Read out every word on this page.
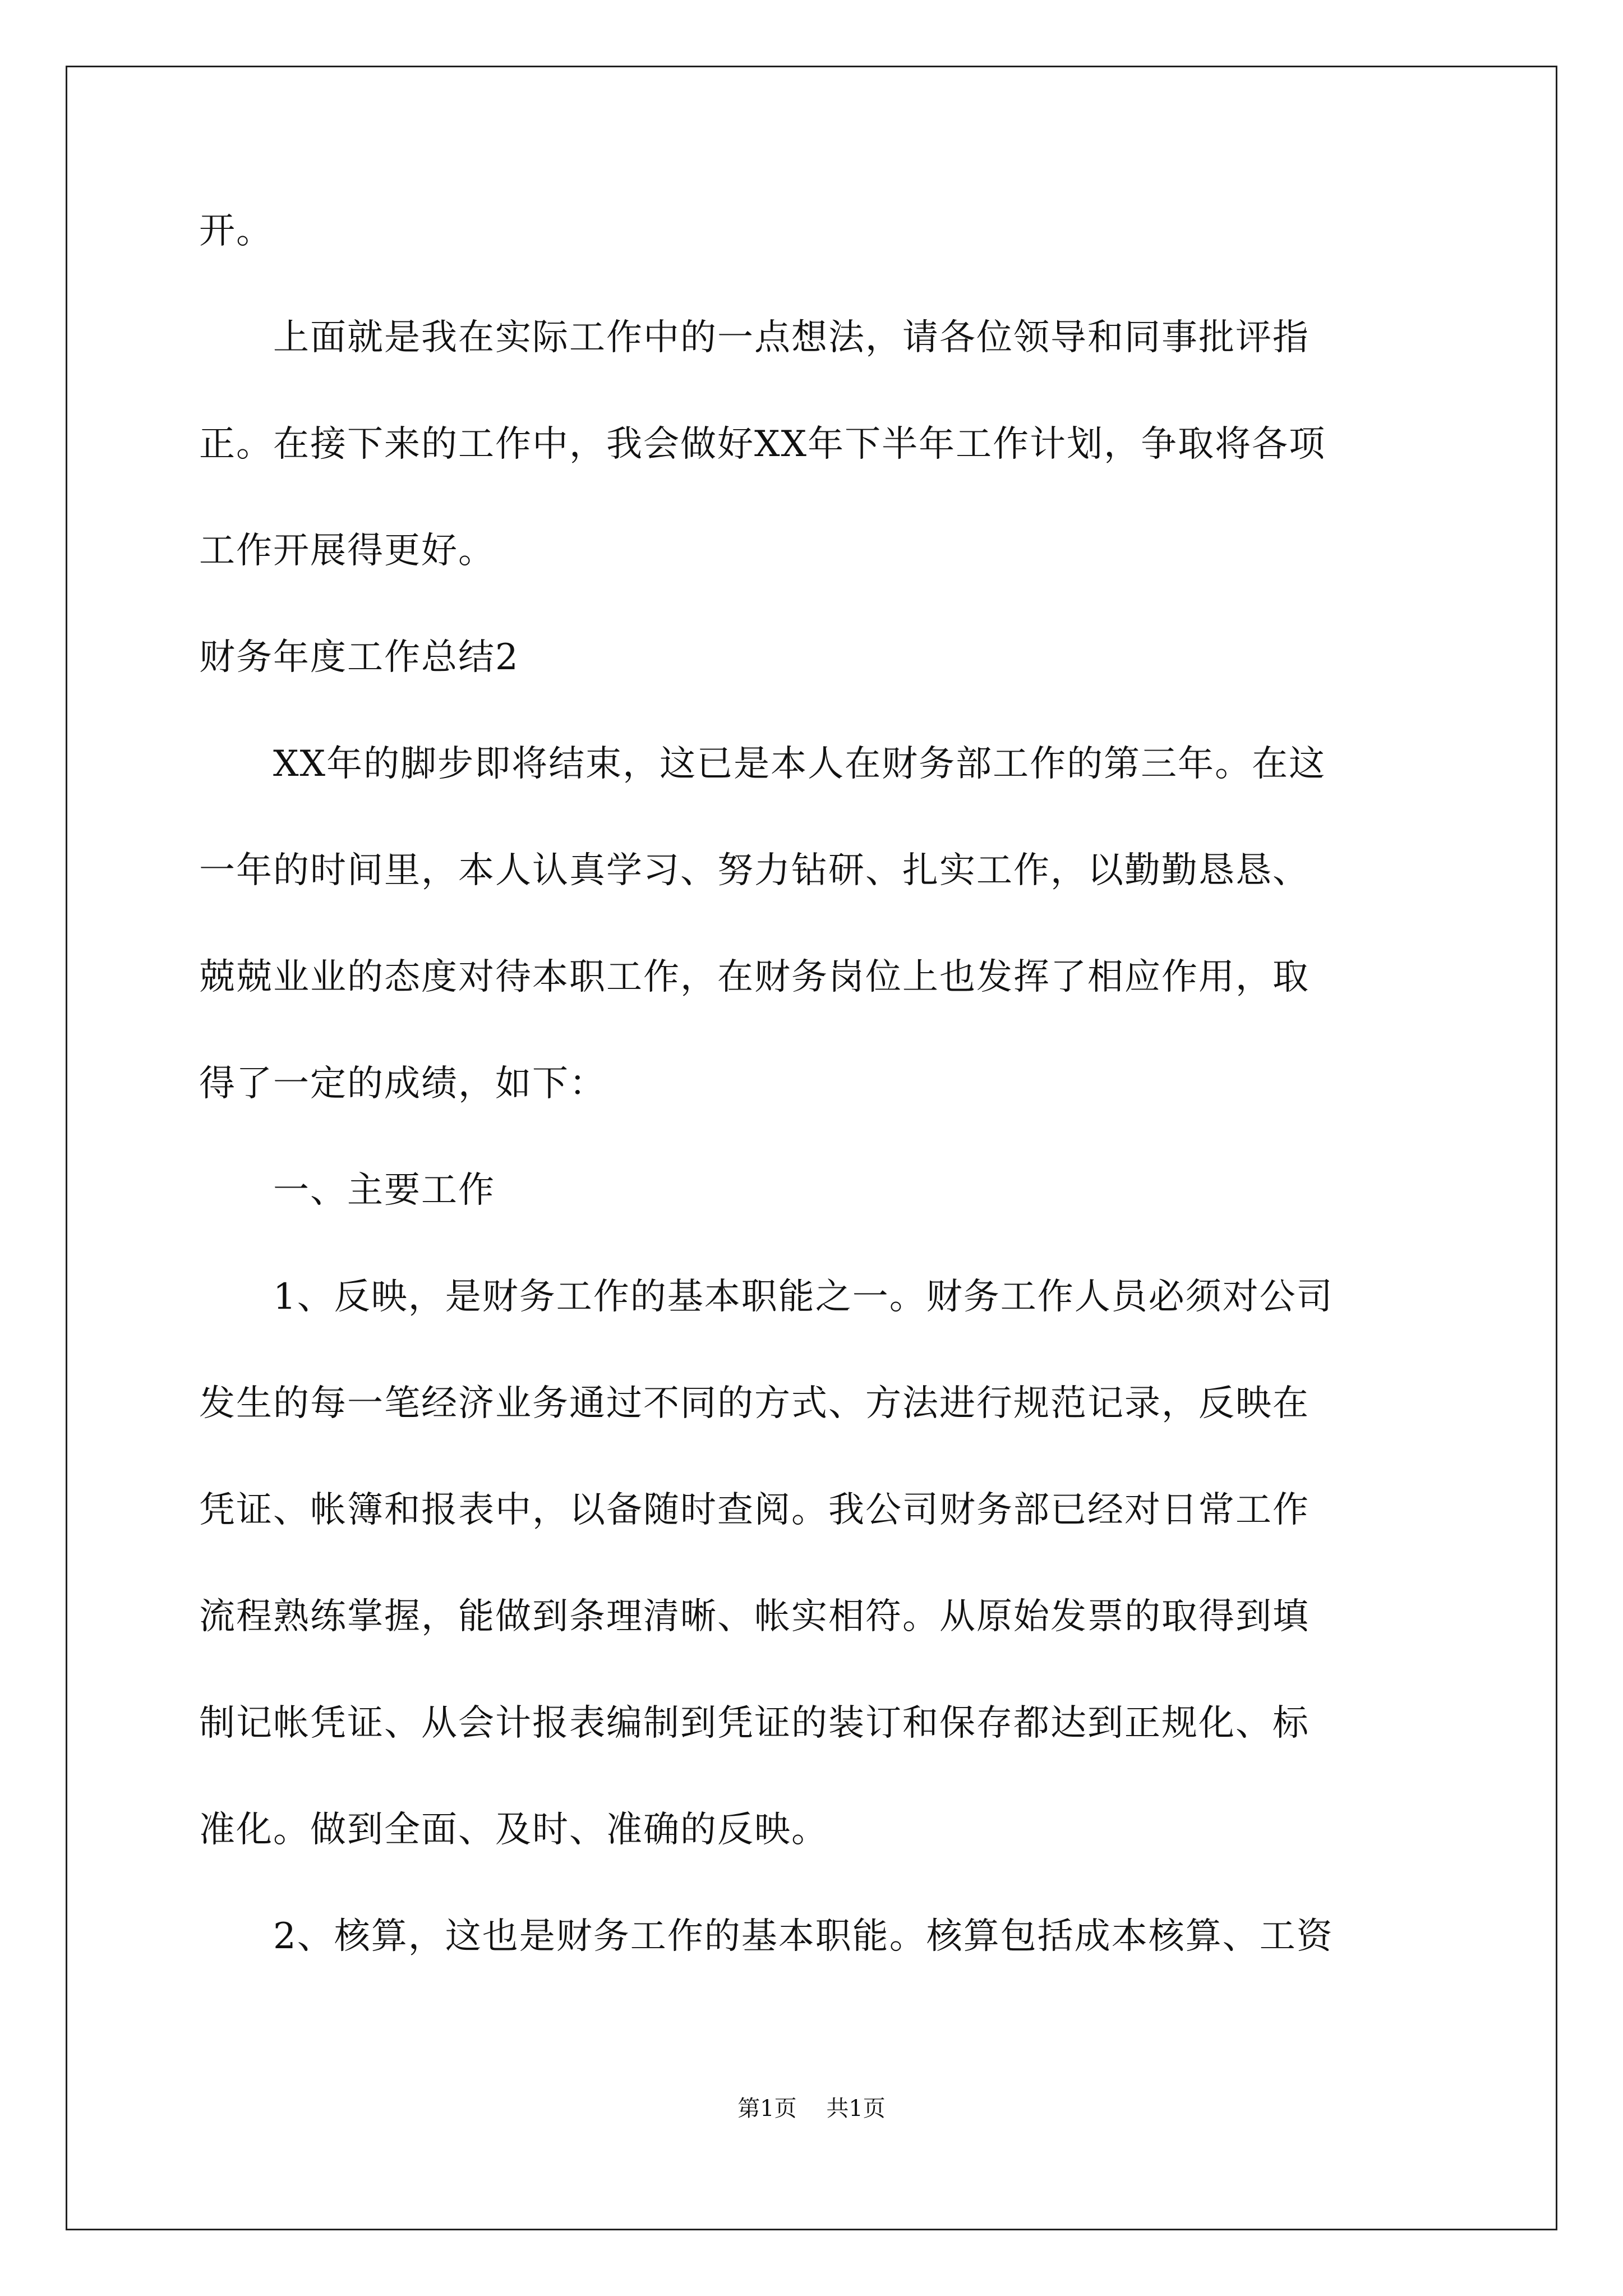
开。
　　上面就是我在实际工作中的一点想法，请各位领导和同事批评指
正。在接下来的工作中，我会做好XX年下半年工作计划，争取将各项
工作开展得更好。
财务年度工作总结2
　　XX年的脚步即将结束，这已是本人在财务部工作的第三年。在这
一年的时间里，本人认真学习、努力钻研、扎实工作，以勤勤恳恳、
兢兢业业的态度对待本职工作，在财务岗位上也发挥了相应作用，取
得了一定的成绩，如下：
　　一、主要工作
　　1、反映，是财务工作的基本职能之一。财务工作人员必须对公司
发生的每一笔经济业务通过不同的方式、方法进行规范记录，反映在
凭证、帐簿和报表中，以备随时查阅。我公司财务部已经对日常工作
流程熟练掌握，能做到条理清晰、帐实相符。从原始发票的取得到填
制记帐凭证、从会计报表编制到凭证的装订和保存都达到正规化、标
准化。做到全面、及时、准确的反映。
　　2、核算，这也是财务工作的基本职能。核算包括成本核算、工资
第1页　 共1页
